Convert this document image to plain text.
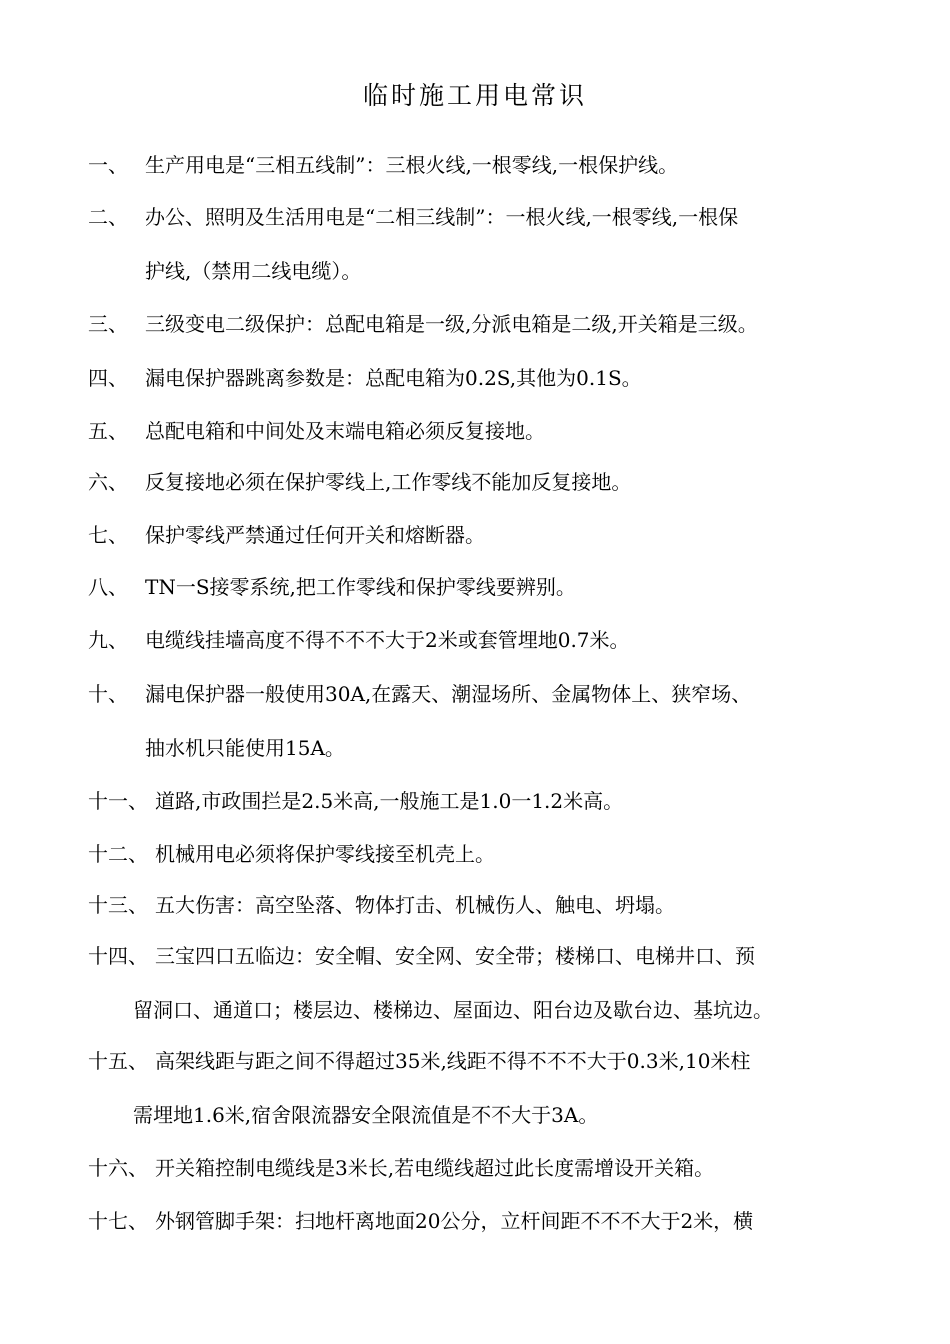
临时施工用电常识
一、 生产用电是“三相五线制”：三根火线,一根零线,一根保护线。
二、 办公、照明及生活用电是“二相三线制”：一根火线,一根零线,一根保
护线,（禁用二线电缆）。
三、 三级变电二级保护：总配电箱是一级,分派电箱是二级,开关箱是三级。
四、 漏电保护器跳离参数是：总配电箱为0.2S,其他为0.1S。
五、 总配电箱和中间处及末端电箱必须反复接地。
六、 反复接地必须在保护零线上,工作零线不能加反复接地。
七、 保护零线严禁通过任何开关和熔断器。
八、 TN一S接零系统,把工作零线和保护零线要辨别。
九、 电缆线挂墙高度不得不不不大于2米或套管埋地0.7米。
十、 漏电保护器一般使用30A,在露天、潮湿场所、金属物体上、狭窄场、
抽水机只能使用15A。
十一、 道路,市政围拦是2.5米高,一般施工是1.0一1.2米高。
十二、 机械用电必须将保护零线接至机壳上。
十三、 五大伤害：高空坠落、物体打击、机械伤人、触电、坍塌。
十四、 三宝四口五临边：安全帽、安全网、安全带；楼梯口、电梯井口、预
留洞口、通道口；楼层边、楼梯边、屋面边、阳台边及歇台边、基坑边。
十五、 高架线距与距之间不得超过35米,线距不得不不不大于0.3米,10米柱
需埋地1.6米,宿舍限流器安全限流值是不不大于3A。
十六、 开关箱控制电缆线是3米长,若电缆线超过此长度需增设开关箱。
十七、 外钢管脚手架：扫地杆离地面20公分，立杆间距不不不大于2米，横
